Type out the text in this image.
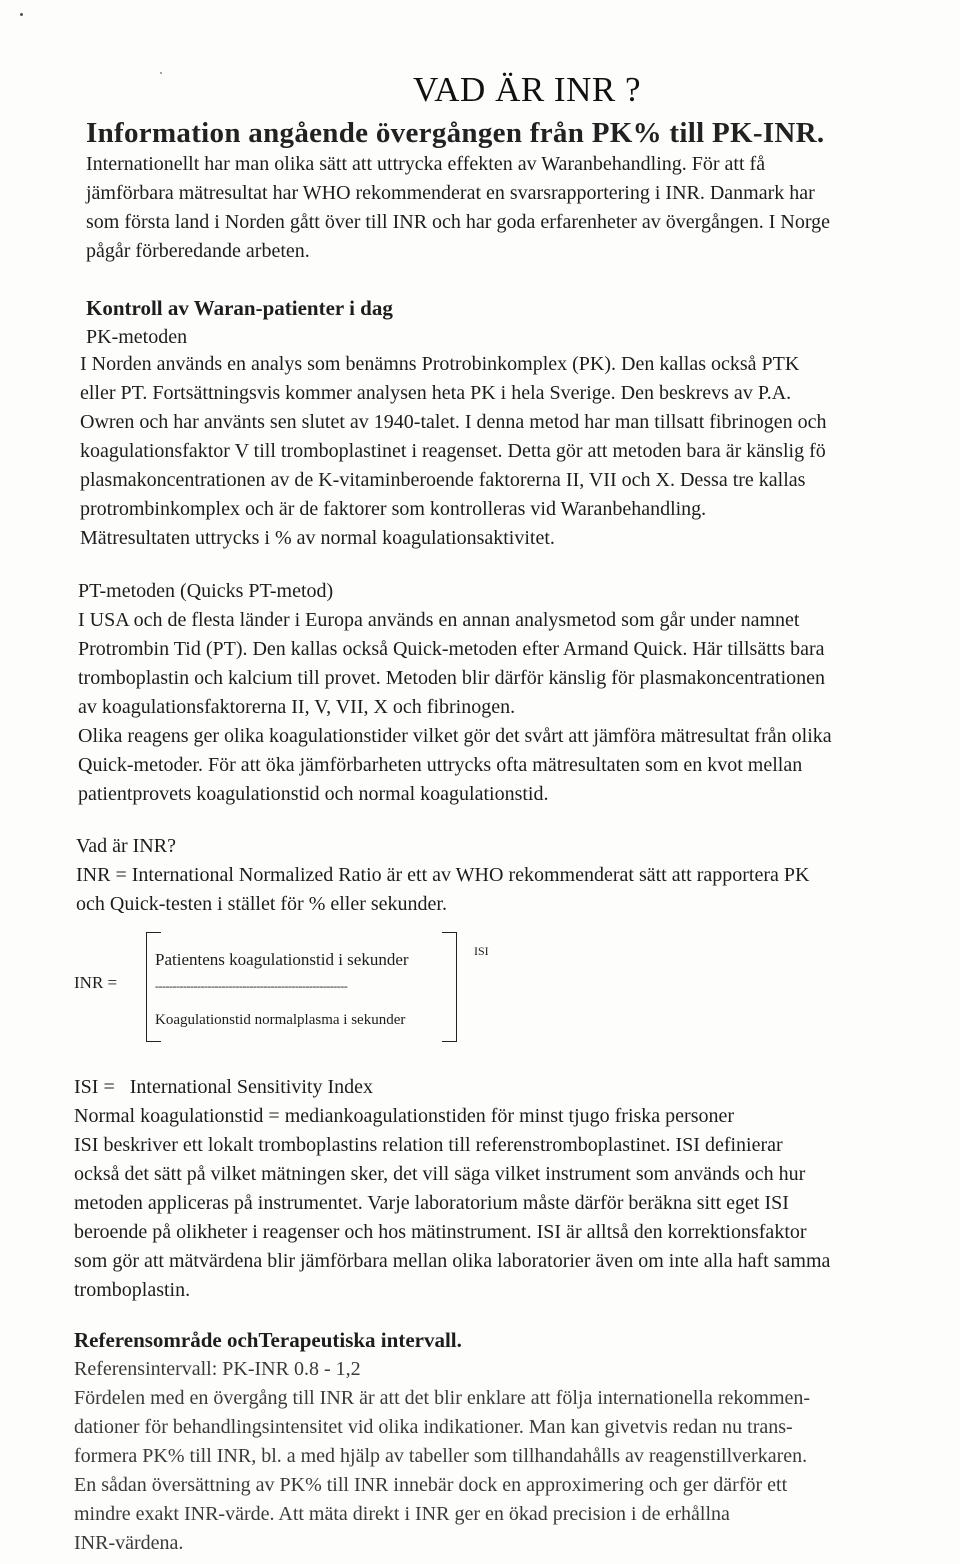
VAD ÄR INR ?
Information angående övergången från PK% till PK-INR.
Internationellt har man olika sätt att uttrycka effekten av Waranbehandling. För att få
jämförbara mätresultat har WHO rekommenderat en svarsrapportering i INR. Danmark har
som första land i Norden gått över till INR och har goda erfarenheter av övergången. I Norge
pågår förberedande arbeten.
Kontroll av Waran-patienter i dag
PK-metoden
I Norden används en analys som benämns Protrobinkomplex (PK). Den kallas också PTK
eller PT. Fortsättningsvis kommer analysen heta PK i hela Sverige. Den beskrevs av P.A.
Owren och har använts sen slutet av 1940-talet. I denna metod har man tillsatt fibrinogen och
koagulationsfaktor V till tromboplastinet i reagenset. Detta gör att metoden bara är känslig fö
plasmakoncentrationen av de K-vitaminberoende faktorerna II, VII och X. Dessa tre kallas
protrombinkomplex och är de faktorer som kontrolleras vid Waranbehandling.
Mätresultaten uttrycks i % av normal koagulationsaktivitet.
PT-metoden (Quicks PT-metod)
I USA och de flesta länder i Europa används en annan analysmetod som går under namnet
Protrombin Tid (PT). Den kallas också Quick-metoden efter Armand Quick. Här tillsätts bara
tromboplastin och kalcium till provet. Metoden blir därför känslig för plasmakoncentrationen
av koagulationsfaktorerna II, V, VII, X och fibrinogen.
Olika reagens ger olika koagulationstider vilket gör det svårt att jämföra mätresultat från olika
Quick-metoder. För att öka jämförbarheten uttrycks ofta mätresultaten som en kvot mellan
patientprovets koagulationstid och normal koagulationstid.
Vad är INR?
INR = International Normalized Ratio är ett av WHO rekommenderat sätt att rapportera PK
och Quick-testen i stället för % eller sekunder.
INR =
Patientens koagulationstid i sekunder
-------------------------------------------------------
Koagulationstid normalplasma i sekunder
ISI
ISI =   International Sensitivity Index
Normal koagulationstid = mediankoagulationstiden för minst tjugo friska personer
ISI beskriver ett lokalt tromboplastins relation till referenstromboplastinet. ISI definierar
också det sätt på vilket mätningen sker, det vill säga vilket instrument som används och hur
metoden appliceras på instrumentet. Varje laboratorium måste därför beräkna sitt eget ISI
beroende på olikheter i reagenser och hos mätinstrument. ISI är alltså den korrektionsfaktor
som gör att mätvärdena blir jämförbara mellan olika laboratorier även om inte alla haft samma
tromboplastin.
Referensområde ochTerapeutiska intervall.
Referensintervall: PK-INR 0.8 - 1,2
Fördelen med en övergång till INR är att det blir enklare att följa internationella rekommen-
dationer för behandlingsintensitet vid olika indikationer. Man kan givetvis redan nu trans-
formera PK% till INR, bl. a med hjälp av tabeller som tillhandahålls av reagenstillverkaren.
En sådan översättning av PK% till INR innebär dock en approximering och ger därför ett
mindre exakt INR-värde. Att mäta direkt i INR ger en ökad precision i de erhållna
INR-värdena.
